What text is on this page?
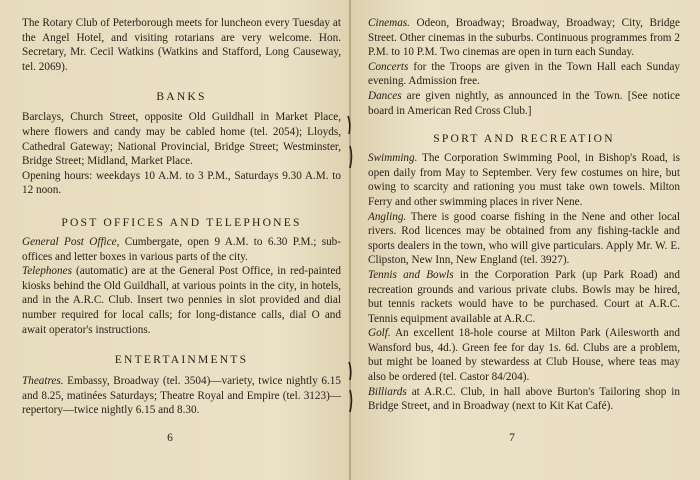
The Rotary Club of Peterborough meets for luncheon every Tuesday at the Angel Hotel, and visiting rotarians are very welcome. Hon. Secretary, Mr. Cecil Watkins (Watkins and Stafford, Long Causeway, tel. 2069).

BANKS

Barclays, Church Street, opposite Old Guildhall in Market Place, where flowers and candy may be cabled home (tel. 2054); Lloyds, Cathedral Gateway; National Provincial, Bridge Street; Westminster, Bridge Street; Midland, Market Place.

Opening hours: weekdays 10 A.M. to 3 P.M., Saturdays 9.30 A.M. to 12 noon.

POST OFFICES AND TELEPHONES

General Post Office, Cumbergate, open 9 A.M. to 6.30 P.M.; sub-offices and letter boxes in various parts of the city.

Telephones (automatic) are at the General Post Office, in red-painted kiosks behind the Old Guildhall, at various points in the city, in hotels, and in the A.R.C. Club. Insert two pennies in slot provided and dial number required for local calls; for long-distance calls, dial O and await operator's instructions.

ENTERTAINMENTS

Theatres. Embassy, Broadway (tel. 3504)—variety, twice nightly 6.15 and 8.25, matinées Saturdays; Theatre Royal and Empire (tel. 3123)—repertory—twice nightly 6.15 and 8.30.

6

Cinemas. Odeon, Broadway; Broadway, Broadway; City, Bridge Street. Other cinemas in the suburbs. Continuous programmes from 2 P.M. to 10 P.M. Two cinemas are open in turn each Sunday.

Concerts for the Troops are given in the Town Hall each Sunday evening. Admission free.

Dances are given nightly, as announced in the Town. [See notice board in American Red Cross Club.]

SPORT AND RECREATION

Swimming. The Corporation Swimming Pool, in Bishop's Road, is open daily from May to September. Very few costumes on hire, but owing to scarcity and rationing you must take own towels. Milton Ferry and other swimming places in river Nene.

Angling. There is good coarse fishing in the Nene and other local rivers. Rod licences may be obtained from any fishing-tackle and sports dealers in the town, who will give particulars. Apply Mr. W. E. Clipston, New Inn, New England (tel. 3927).

Tennis and Bowls in the Corporation Park (up Park Road) and recreation grounds and various private clubs. Bowls may be hired, but tennis rackets would have to be purchased. Court at A.R.C. Tennis equipment available at A.R.C.

Golf. An excellent 18-hole course at Milton Park (Ailesworth and Wansford bus, 4d.). Green fee for day 1s. 6d. Clubs are a problem, but might be loaned by stewardess at Club House, where teas may also be ordered (tel. Castor 84/204).

Billiards at A.R.C. Club, in hall above Burton's Tailoring shop in Bridge Street, and in Broadway (next to Kit Kat Café).

7
